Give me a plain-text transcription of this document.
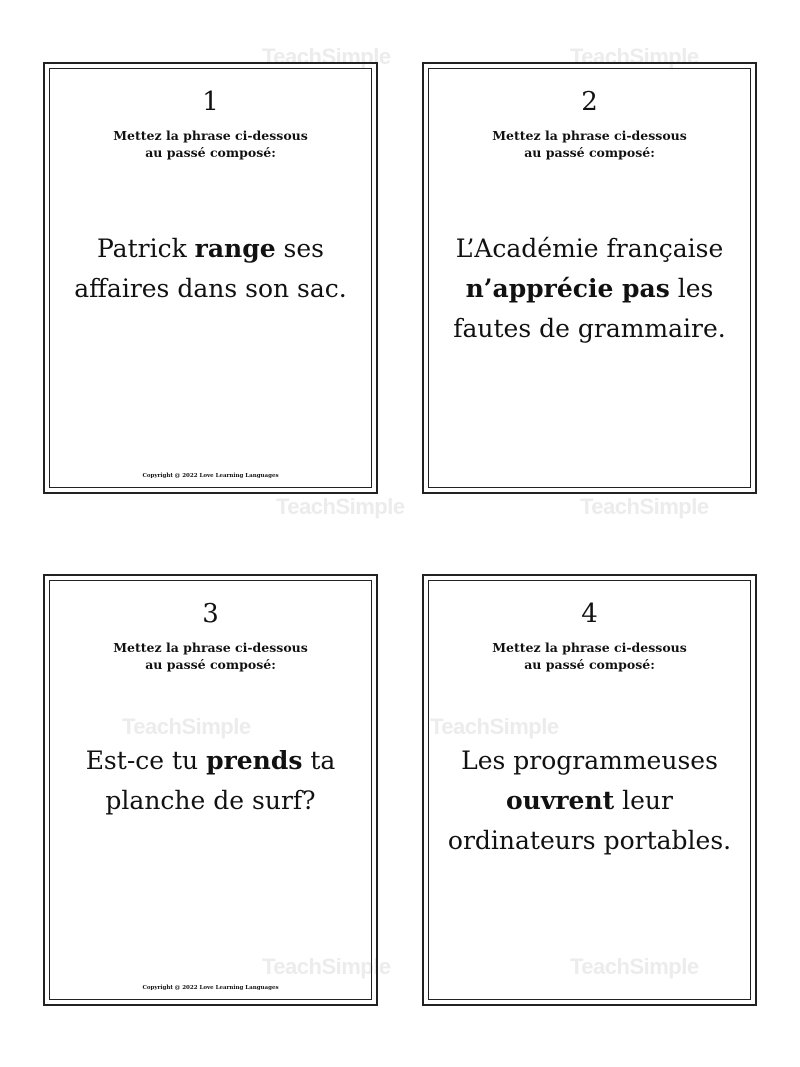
TeachSimple	TeachSimple
TeachSimple	TeachSimple
TeachSimple	TeachSimple
TeachSimple	TeachSimple
1
Mettez la phrase ci-dessous
au passé composé:
Patrick range ses affaires dans son sac.
Copyright @ 2022 Love Learning Languages
2
Mettez la phrase ci-dessous
au passé composé:
L’Académie française n’apprécie pas les fautes de grammaire.
3
Mettez la phrase ci-dessous
au passé composé:
Est-ce tu prends ta planche de surf?
Copyright @ 2022 Love Learning Languages
4
Mettez la phrase ci-dessous
au passé composé:
Les programmeuses ouvrent leur ordinateurs portables.
